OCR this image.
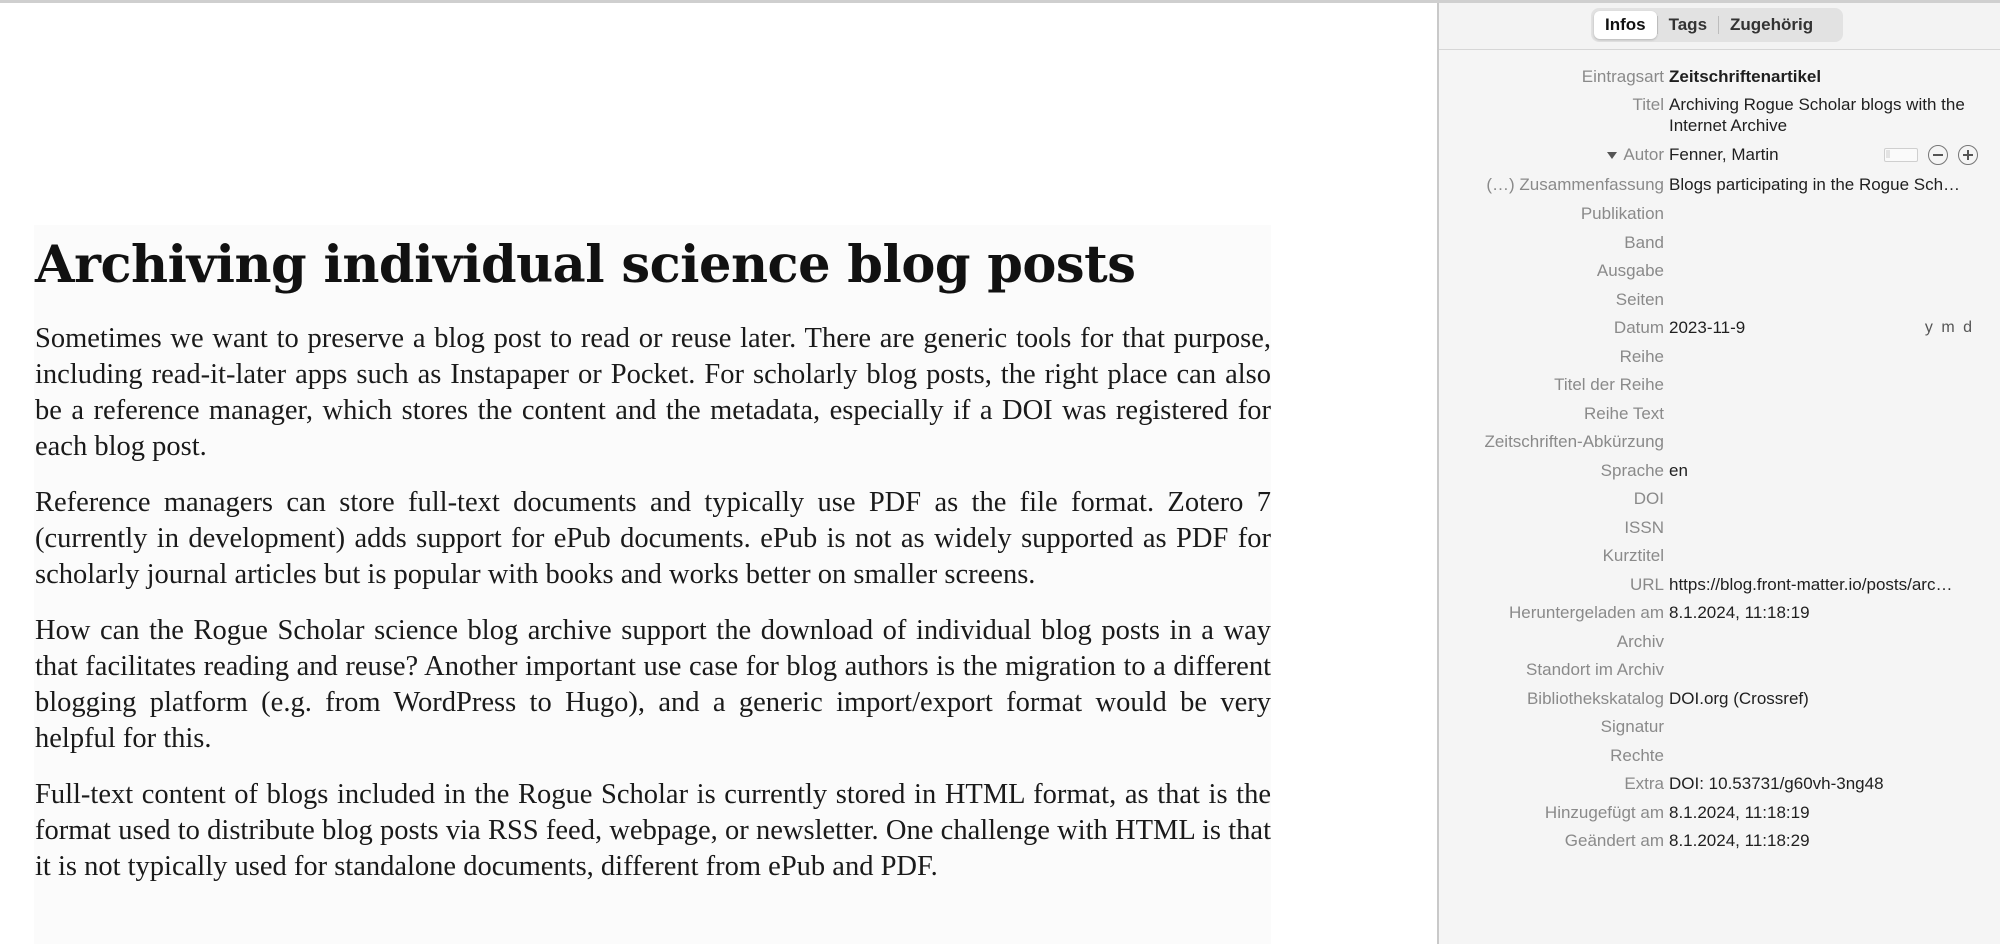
Archiving individual science blog posts

Sometimes we want to preserve a blog post to read or reuse later. There are generic tools for that purpose, including read-it-later apps such as Instapaper or Pocket. For scholarly blog posts, the right place can also be a reference manager, which stores the content and the metadata, especially if a DOI was registered for each blog post.

Reference managers can store full-text documents and typically use PDF as the file format. Zotero 7 (currently in development) adds support for ePub documents. ePub is not as widely supported as PDF for scholarly journal articles but is popular with books and works better on smaller screens.

How can the Rogue Scholar science blog archive support the download of individual blog posts in a way that facilitates reading and reuse? Another important use case for blog authors is the migration to a different blogging platform (e.g. from WordPress to Hugo), and a generic import/export format would be very helpful for this.

Full-text content of blogs included in the Rogue Scholar is currently stored in HTML format, as that is the format used to distribute blog posts via RSS feed, webpage, or newsletter. One challenge with HTML is that it is not typically used for standalone documents, different from ePub and PDF.

Infos	Tags	Zugehörig
Eintragsart Zeitschriftenartikel
Titel Archiving Rogue Scholar blogs with the Internet Archive
Autor Fenner, Martin
(…) Zusammenfassung Blogs participating in the Rogue Sch…
Publikation
Band
Ausgabe
Seiten
Datum 2023-11-9	y m d
Reihe
Titel der Reihe
Reihe Text
Zeitschriften-Abkürzung
Sprache en
DOI
ISSN
Kurztitel
URL https://blog.front-matter.io/posts/arc…
Heruntergeladen am 8.1.2024, 11:18:19
Archiv
Standort im Archiv
Bibliothekskatalog DOI.org (Crossref)
Signatur
Rechte
Extra DOI: 10.53731/g60vh-3ng48
Hinzugefügt am 8.1.2024, 11:18:19
Geändert am 8.1.2024, 11:18:29
